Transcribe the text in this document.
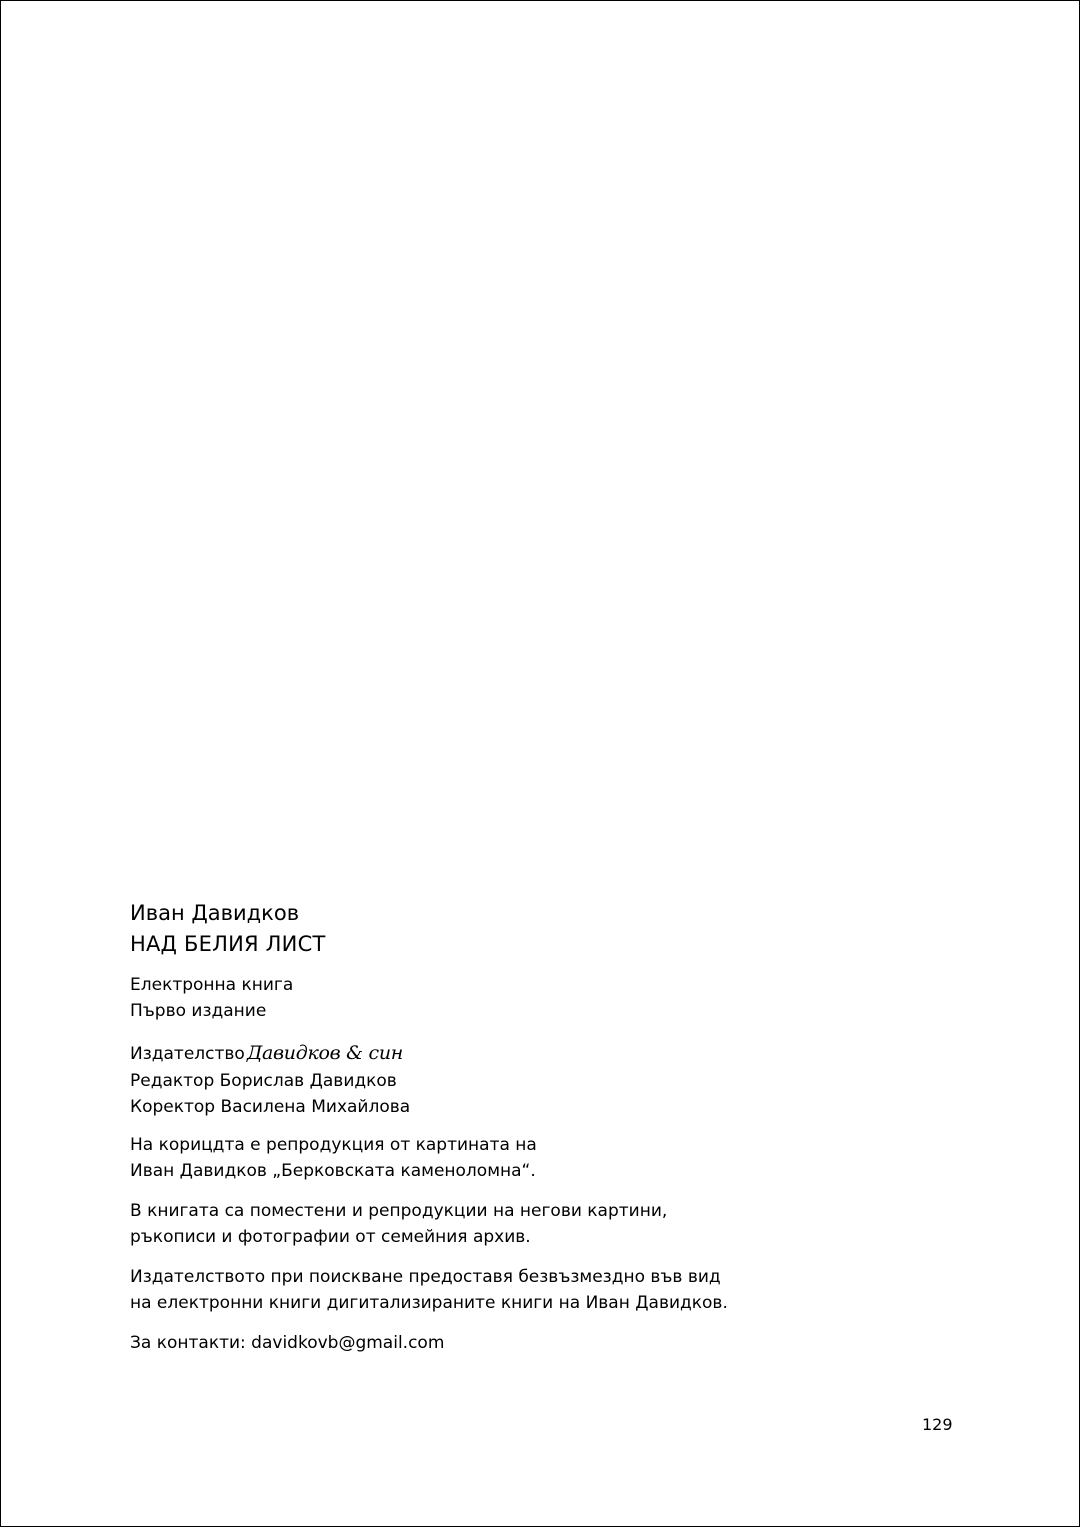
Иван Давидков
НАД БЕЛИЯ ЛИСТ
Електронна книга
Първо издание
Издателство Давидков & син
Редактор Борислав Давидков
Коректор Василена Михайлова
На корицдта е репродукция от картината на
Иван Давидков „Берковската каменоломна“.
В книгата са поместени и репродукции на негови картини,
ръкописи и фотографии от семейния архив.
Издателството при поискване предоставя безвъзмездно във вид
на електронни книги дигитализираните книги на Иван Давидков.
За контакти: davidkovb@gmail.com
129
